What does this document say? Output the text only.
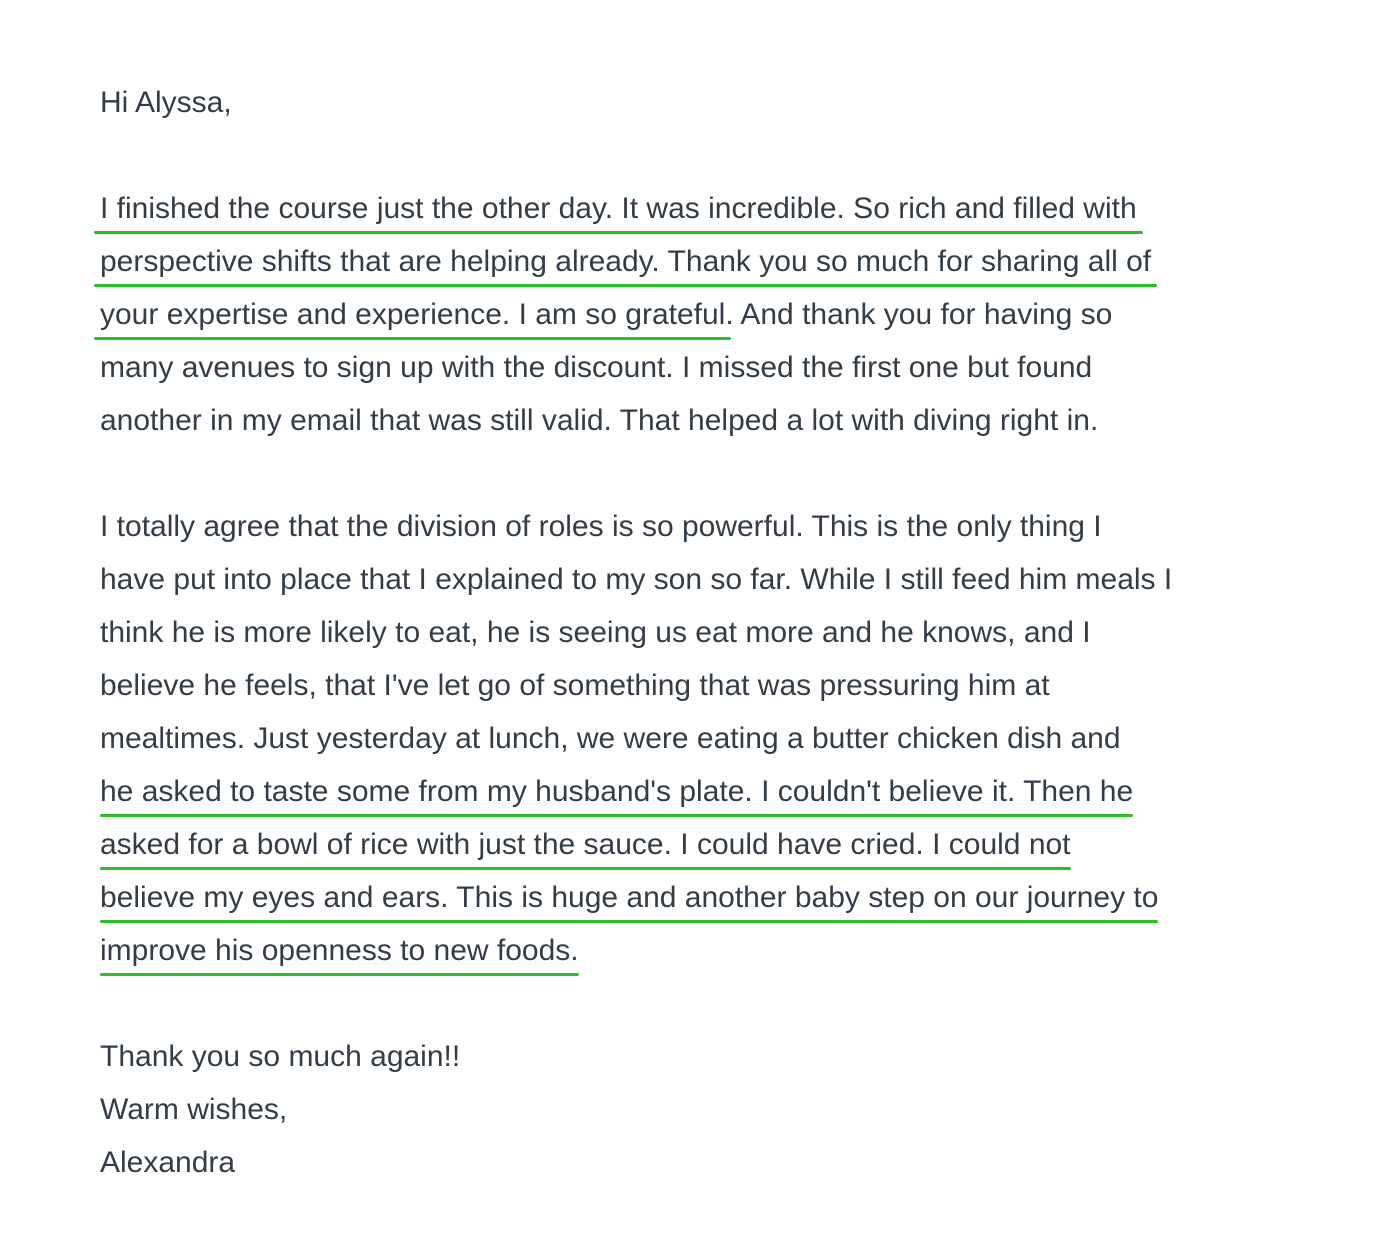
Hi Alyssa,
I finished the course just the other day. It was incredible. So rich and filled with
perspective shifts that are helping already. Thank you so much for sharing all of
your expertise and experience. I am so grateful. And thank you for having so
many avenues to sign up with the discount. I missed the first one but found
another in my email that was still valid. That helped a lot with diving right in.
I totally agree that the division of roles is so powerful. This is the only thing I
have put into place that I explained to my son so far. While I still feed him meals I
think he is more likely to eat, he is seeing us eat more and he knows, and I
believe he feels, that I've let go of something that was pressuring him at
mealtimes. Just yesterday at lunch, we were eating a butter chicken dish and
he asked to taste some from my husband's plate. I couldn't believe it. Then he
asked for a bowl of rice with just the sauce. I could have cried. I could not
believe my eyes and ears. This is huge and another baby step on our journey to
improve his openness to new foods.
Thank you so much again!!
Warm wishes,
Alexandra
